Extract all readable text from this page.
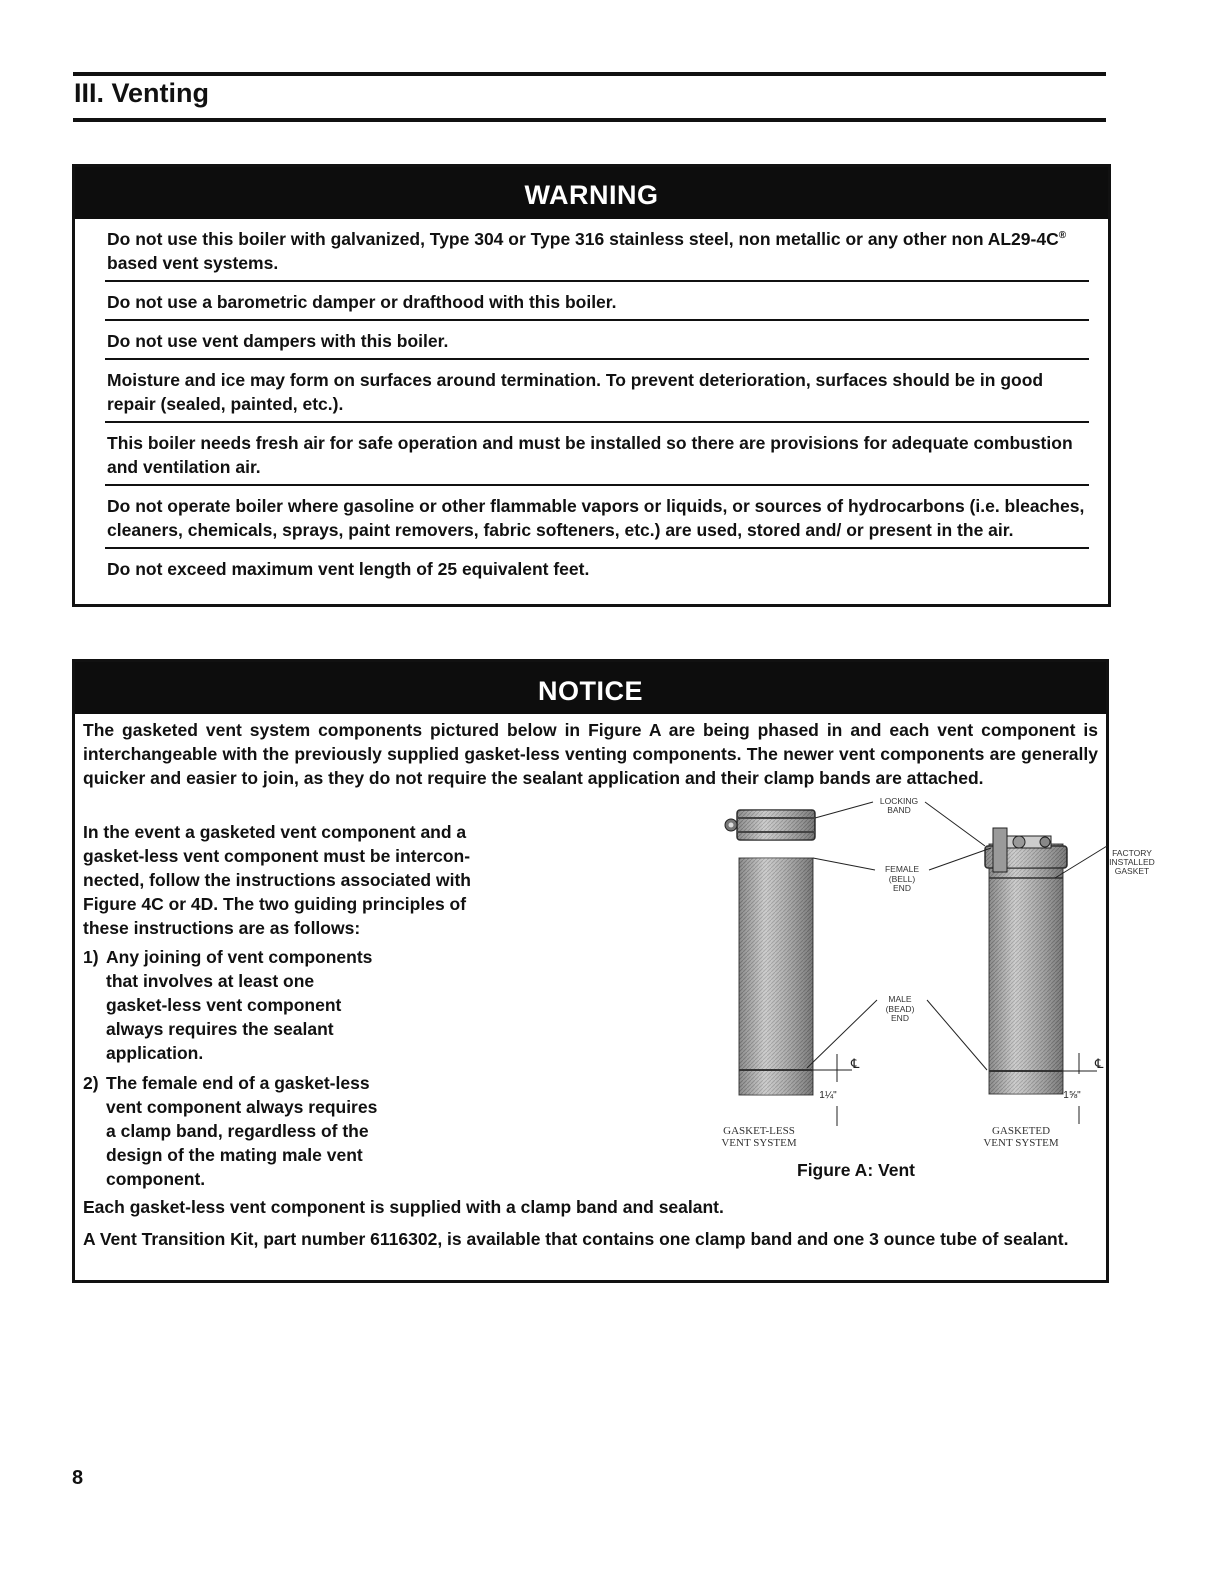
III. Venting
WARNING
Do not use this boiler with galvanized, Type 304 or Type 316 stainless steel, non metallic or any other non AL29-4C® based vent systems.
Do not use a barometric damper or drafthood with this boiler.
Do not use vent dampers with this boiler.
Moisture and ice may form on surfaces around termination. To prevent deterioration, surfaces should be in good repair (sealed, painted, etc.).
This boiler needs fresh air for safe operation and must be installed so there are provisions for adequate combustion and ventilation air.
Do not operate boiler where gasoline or other flammable vapors or liquids, or sources of hydrocarbons (i.e. bleaches, cleaners, chemicals, sprays, paint removers, fabric softeners, etc.) are used, stored and/ or present in the air.
Do not exceed maximum vent length of 25 equivalent feet.
NOTICE
The gasketed vent system components pictured below in Figure A are being phased in and each vent component is interchangeable with the previously supplied gasket-less venting components. The newer vent components are generally quicker and easier to join, as they do not require the sealant application and their clamp bands are attached.
In the event a gasketed vent component and a
gasket-less vent component must be intercon-
nected, follow the instructions associated with
Figure 4C or 4D. The two guiding principles of
these instructions are as follows:
1) Any joining of vent components
that involves at least one
gasket-less vent component
always requires the sealant
application.
2) The female end of a gasket-less
vent component always requires
a clamp band, regardless of the
design of the mating male vent
component.
LOCKING BAND
FEMALE (BELL) END
MALE (BEAD) END
FACTORY INSTALLED GASKET
1¼"	1⅝"
℄	℄
GASKET-LESS VENT SYSTEM
GASKETED VENT SYSTEM
Figure A: Vent
Each gasket-less vent component is supplied with a clamp band and sealant.
A Vent Transition Kit, part number 6116302, is available that contains one clamp band and one 3 ounce tube of sealant.
8
